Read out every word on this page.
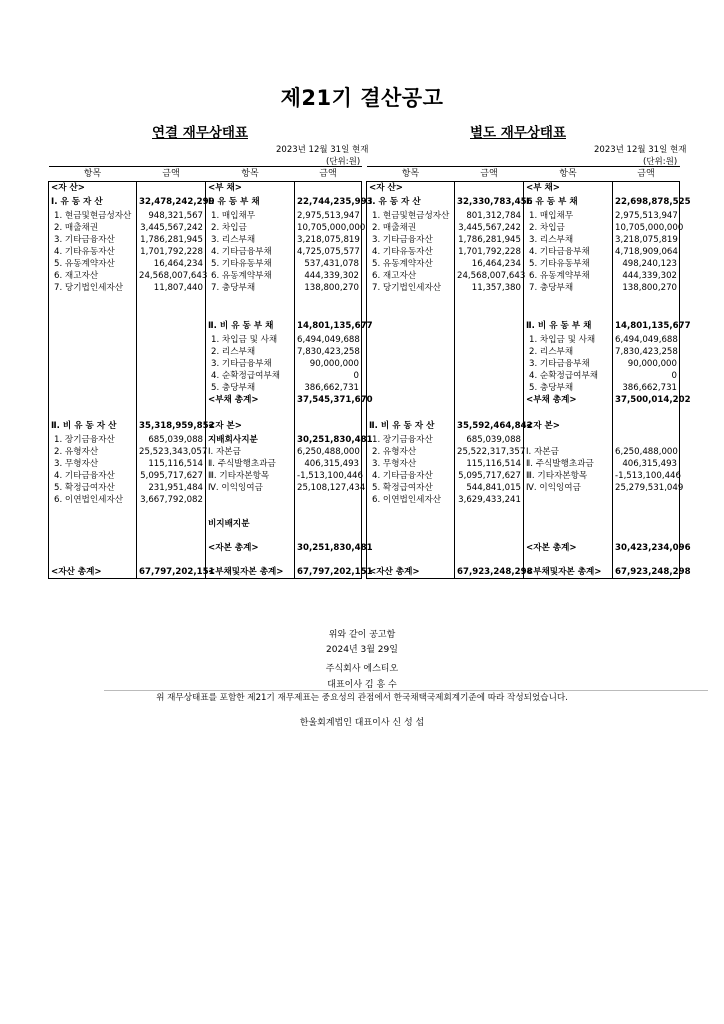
제21기 결산공고
연결 재무상태표	별도 재무상태표
2023년 12월 31일 현재
(단위:원)
2023년 12월 31일 현재
(단위:원)
항목	금액	항목	금액
<자 산>		<부 채>	
Ⅰ. 유 동 자 산	32,478,242,299	Ⅰ. 유 동 부 채	22,744,235,993
1. 현금및현금성자산	948,321,567	1. 매입채무	2,975,513,947
2. 매출채권	3,445,567,242	2. 차입금	10,705,000,000
3. 기타금융자산	1,786,281,945	3. 리스부채	3,218,075,819
4. 기타유동자산	1,701,792,228	4. 기타금융부채	4,725,075,577
5. 유동계약자산	16,464,234	5. 기타유동부채	537,431,078
6. 재고자산	24,568,007,643	6. 유동계약부채	444,339,302
7. 당기법인세자산	11,807,440	7. 충당부채	138,800,270

		Ⅱ. 비 유 동 부 채	14,801,135,677
		1. 차입금 및 사채	6,494,049,688
		2. 리스부채	7,830,423,258
		3. 기타금융부채	90,000,000
		4. 순확정급여부채	0
		5. 충당부채	386,662,731
		<부채 총계>	37,545,371,670

Ⅱ. 비 유 동 자 산	35,318,959,852	<자 본>	
1. 장기금융자산	685,039,088	지배회사지분	30,251,830,481
2. 유형자산	25,523,343,057	Ⅰ. 자본금	6,250,488,000
3. 무형자산	115,116,514	Ⅱ. 주식발행초과금	406,315,493
4. 기타금융자산	5,095,717,627	Ⅲ. 기타자본항목	-1,513,100,446
5. 확정급여자산	231,951,484	Ⅳ. 이익잉여금	25,108,127,434
6. 이연법인세자산	3,667,792,082		

		비지배지분	

		<자본 총계>	30,251,830,481

<자산 총계>	67,797,202,151	<부채및자본 총계>	67,797,202,151
항목	금액	항목	금액
<자 산>		<부 채>	
Ⅰ. 유 동 자 산	32,330,783,456	Ⅰ. 유 동 부 채	22,698,878,525
1. 현금및현금성자산	801,312,784	1. 매입채무	2,975,513,947
2. 매출채권	3,445,567,242	2. 차입금	10,705,000,000
3. 기타금융자산	1,786,281,945	3. 리스부채	3,218,075,819
4. 기타유동자산	1,701,792,228	4. 기타금융부채	4,718,909,064
5. 유동계약자산	16,464,234	5. 기타유동부채	498,240,123
6. 재고자산	24,568,007,643	6. 유동계약부채	444,339,302
7. 당기법인세자산	11,357,380	7. 충당부채	138,800,270

		Ⅱ. 비 유 동 부 채	14,801,135,677
		1. 차입금 및 사채	6,494,049,688
		2. 리스부채	7,830,423,258
		3. 기타금융부채	90,000,000
		4. 순확정급여부채	0
		5. 충당부채	386,662,731
		<부채 총계>	37,500,014,202

Ⅱ. 비 유 동 자 산	35,592,464,842	<자 본>	
1. 장기금융자산	685,039,088		
2. 유형자산	25,522,317,357	Ⅰ. 자본금	6,250,488,000
3. 무형자산	115,116,514	Ⅱ. 주식발행초과금	406,315,493
4. 기타금융자산	5,095,717,627	Ⅲ. 기타자본항목	-1,513,100,446
5. 확정급여자산	544,841,015	Ⅳ. 이익잉여금	25,279,531,049
6. 이연법인세자산	3,629,433,241		

		<자본 총계>	30,423,234,096

<자산 총계>	67,923,248,298	<부채및자본 총계>	67,923,248,298
위와 같이 공고함
2024년 3월 29일
주식회사 에스티오
대표이사 김 흥 수
위 재무상태표를 포함한 제21기 재무제표는 중요성의 관점에서 한국채택국제회계기준에 따라 작성되었습니다.
한울회계법인 대표이사 신 성 섭
